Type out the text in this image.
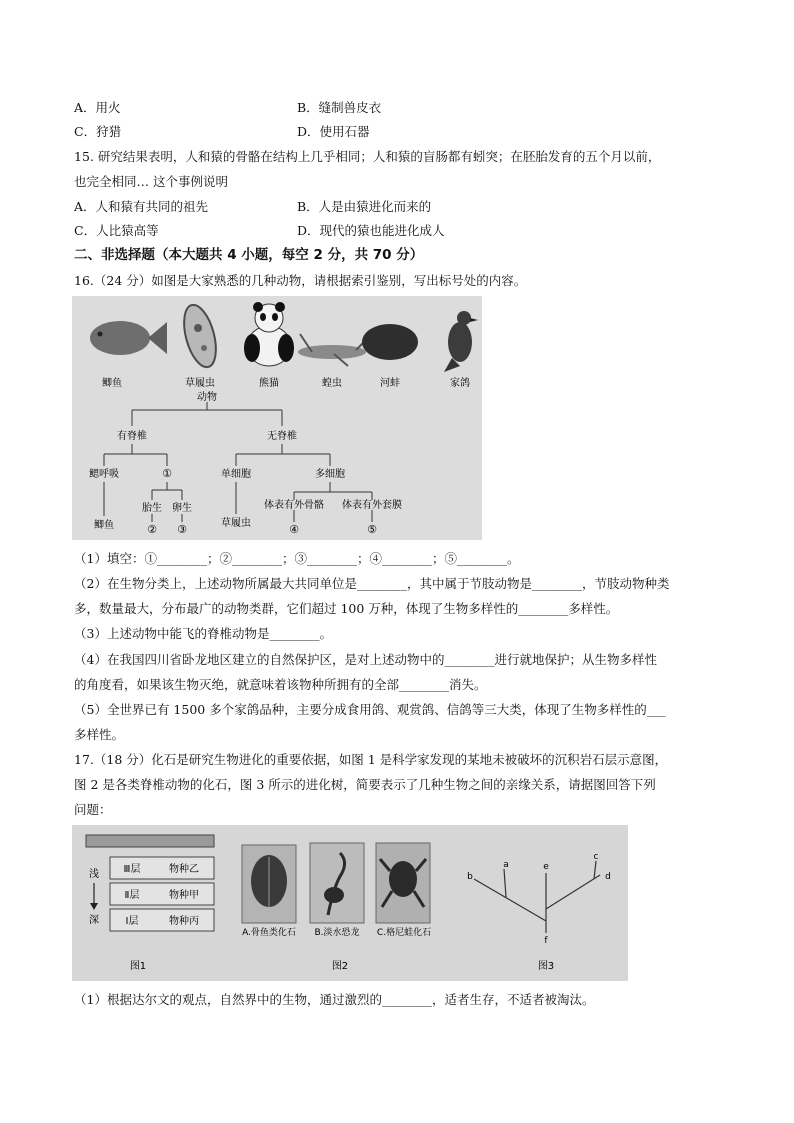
A．用火	B．缝制兽皮衣
C．狩猎	D．使用石器
15. 研究结果表明，人和猿的骨骼在结构上几乎相同；人和猿的盲肠都有蚓突；在胚胎发育的五个月以前，
也完全相同… 这个事例说明
A．人和猿有共同的祖先	B．人是由猿进化而来的
C．人比猿高等	D．现代的猿也能进化成人
二、非选择题（本大题共 4 小题，每空 2 分，共 70 分）
16.（24 分）如图是大家熟悉的几种动物，请根据索引鉴别，写出标号处的内容。
鲫鱼	草履虫	熊猫	蝗虫	河蚌	家鸽
动物
有脊椎	无脊椎
鳃呼吸	①	单细胞	多细胞
胎生 卵生	体表有外骨骼 体表有外套膜
鲫鱼	② ③	草履虫	④	⑤
（1）填空：①________；②________；③________；④________；⑤________。
（2）在生物分类上，上述动物所属最大共同单位是________，其中属于节肢动物是________，节肢动物种类
多，数量最大，分布最广的动物类群，它们超过 100 万种，体现了生物多样性的________多样性。
（3）上述动物中能飞的脊椎动物是________。
（4）在我国四川省卧龙地区建立的自然保护区，是对上述动物中的________进行就地保护；从生物多样性
的角度看，如果该生物灭绝，就意味着该物种所拥有的全部________消失。
（5）全世界已有 1500 多个家鸽品种，主要分成食用鸽、观赏鸽、信鸽等三大类，体现了生物多样性的___
多样性。
17.（18 分）化石是研究生物进化的重要依据，如图 1 是科学家发现的某地未被破坏的沉积岩石层示意图，
图 2 是各类脊椎动物的化石，图 3 所示的进化树，简要表示了几种生物之间的亲缘关系，请据图回答下列
问题：
浅
深
Ⅲ层	物种乙
Ⅱ层	物种甲
Ⅰ层	物种丙
图1
A.骨鱼类化石 B.淡水恐龙 C.格尼蛙化石
图2
a
b
c
d
e
f
图3
（1）根据达尔文的观点，自然界中的生物，通过激烈的________，适者生存，不适者被淘汰。
